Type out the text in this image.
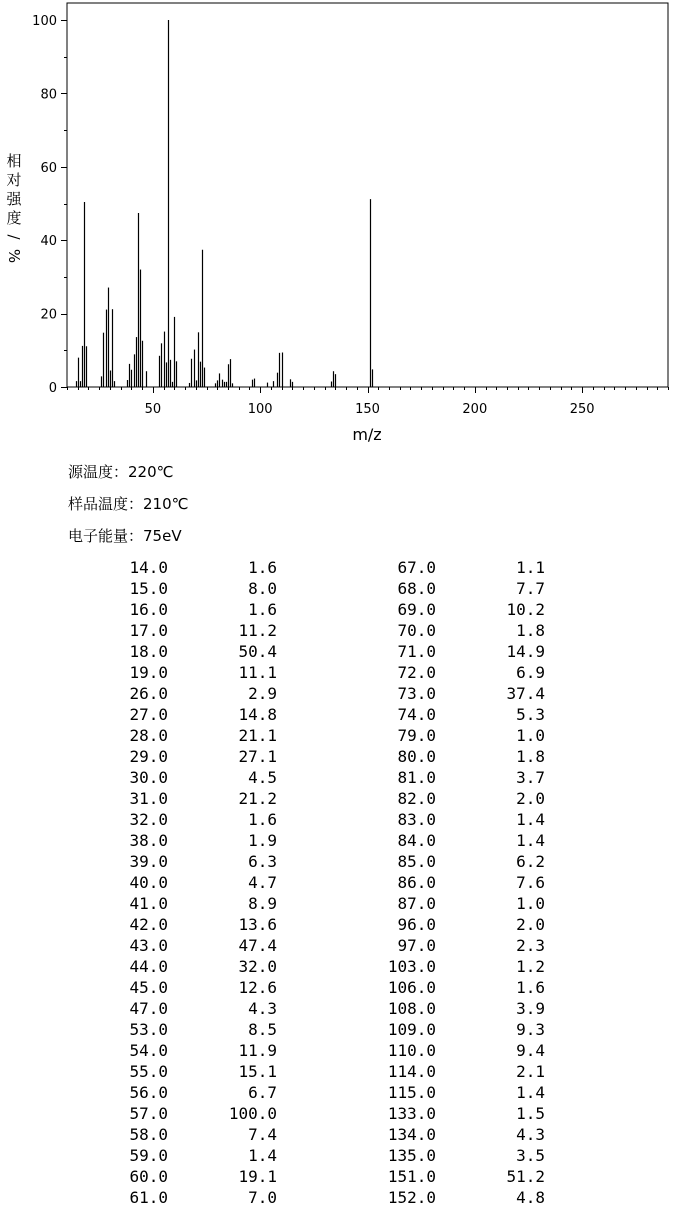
相
对
强
度
/
%
m/z
50	100	150	200	250
0
20
40
60
80
100
源温度：220℃
样品温度：210℃
电子能量：75eV
14.0	1.6
15.0	8.0
16.0	1.6
17.0	11.2
18.0	50.4
19.0	11.1
26.0	2.9
27.0	14.8
28.0	21.1
29.0	27.1
30.0	4.5
31.0	21.2
32.0	1.6
38.0	1.9
39.0	6.3
40.0	4.7
41.0	8.9
42.0	13.6
43.0	47.4
44.0	32.0
45.0	12.6
47.0	4.3
53.0	8.5
54.0	11.9
55.0	15.1
56.0	6.7
57.0	100.0
58.0	7.4
59.0	1.4
60.0	19.1
61.0	7.0
67.0	1.1
68.0	7.7
69.0	10.2
70.0	1.8
71.0	14.9
72.0	6.9
73.0	37.4
74.0	5.3
79.0	1.0
80.0	1.8
81.0	3.7
82.0	2.0
83.0	1.4
84.0	1.4
85.0	6.2
86.0	7.6
87.0	1.0
96.0	2.0
97.0	2.3
103.0	1.2
106.0	1.6
108.0	3.9
109.0	9.3
110.0	9.4
114.0	2.1
115.0	1.4
133.0	1.5
134.0	4.3
135.0	3.5
151.0	51.2
152.0	4.8
